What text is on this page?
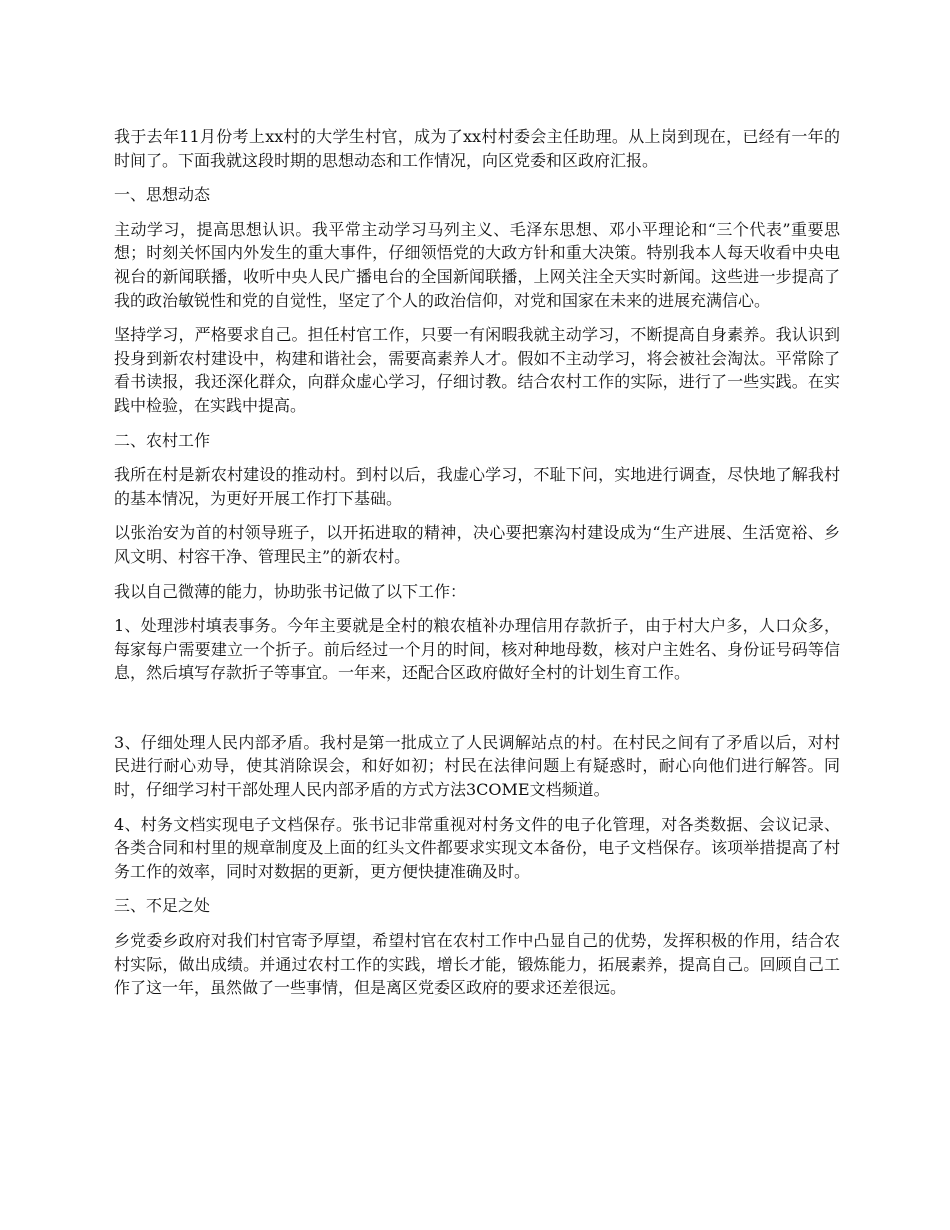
我于去年11月份考上xx村的大学生村官，成为了xx村村委会主任助理。从上岗到现在，已经有一年的时间了。下面我就这段时期的思想动态和工作情况，向区党委和区政府汇报。

一、思想动态

主动学习，提高思想认识。我平常主动学习马列主义、毛泽东思想、邓小平理论和“三个代表”重要思想；时刻关怀国内外发生的重大事件，仔细领悟党的大政方针和重大决策。特别我本人每天收看中央电视台的新闻联播，收听中央人民广播电台的全国新闻联播，上网关注全天实时新闻。这些进一步提高了我的政治敏锐性和党的自觉性，坚定了个人的政治信仰，对党和国家在未来的进展充满信心。

坚持学习，严格要求自己。担任村官工作，只要一有闲暇我就主动学习，不断提高自身素养。我认识到投身到新农村建设中，构建和谐社会，需要高素养人才。假如不主动学习，将会被社会淘汰。平常除了看书读报，我还深化群众，向群众虚心学习，仔细讨教。结合农村工作的实际，进行了一些实践。在实践中检验，在实践中提高。

二、农村工作

我所在村是新农村建设的推动村。到村以后，我虚心学习，不耻下问，实地进行调查，尽快地了解我村的基本情况，为更好开展工作打下基础。

以张治安为首的村领导班子，以开拓进取的精神，决心要把寨沟村建设成为“生产进展、生活宽裕、乡风文明、村容干净、管理民主”的新农村。

我以自己微薄的能力，协助张书记做了以下工作：

1、处理涉村填表事务。今年主要就是全村的粮农植补办理信用存款折子，由于村大户多，人口众多，每家每户需要建立一个折子。前后经过一个月的时间，核对种地母数，核对户主姓名、身份证号码等信息，然后填写存款折子等事宜。一年来，还配合区政府做好全村的计划生育工作。

3、仔细处理人民内部矛盾。我村是第一批成立了人民调解站点的村。在村民之间有了矛盾以后，对村民进行耐心劝导，使其消除误会，和好如初；村民在法律问题上有疑惑时，耐心向他们进行解答。同时，仔细学习村干部处理人民内部矛盾的方式方法3COME文档频道。

4、村务文档实现电子文档保存。张书记非常重视对村务文件的电子化管理，对各类数据、会议记录、各类合同和村里的规章制度及上面的红头文件都要求实现文本备份，电子文档保存。该项举措提高了村务工作的效率，同时对数据的更新，更方便快捷准确及时。

三、不足之处

乡党委乡政府对我们村官寄予厚望，希望村官在农村工作中凸显自己的优势，发挥积极的作用，结合农村实际，做出成绩。并通过农村工作的实践，增长才能，锻炼能力，拓展素养，提高自己。回顾自己工作了这一年，虽然做了一些事情，但是离区党委区政府的要求还差很远。
